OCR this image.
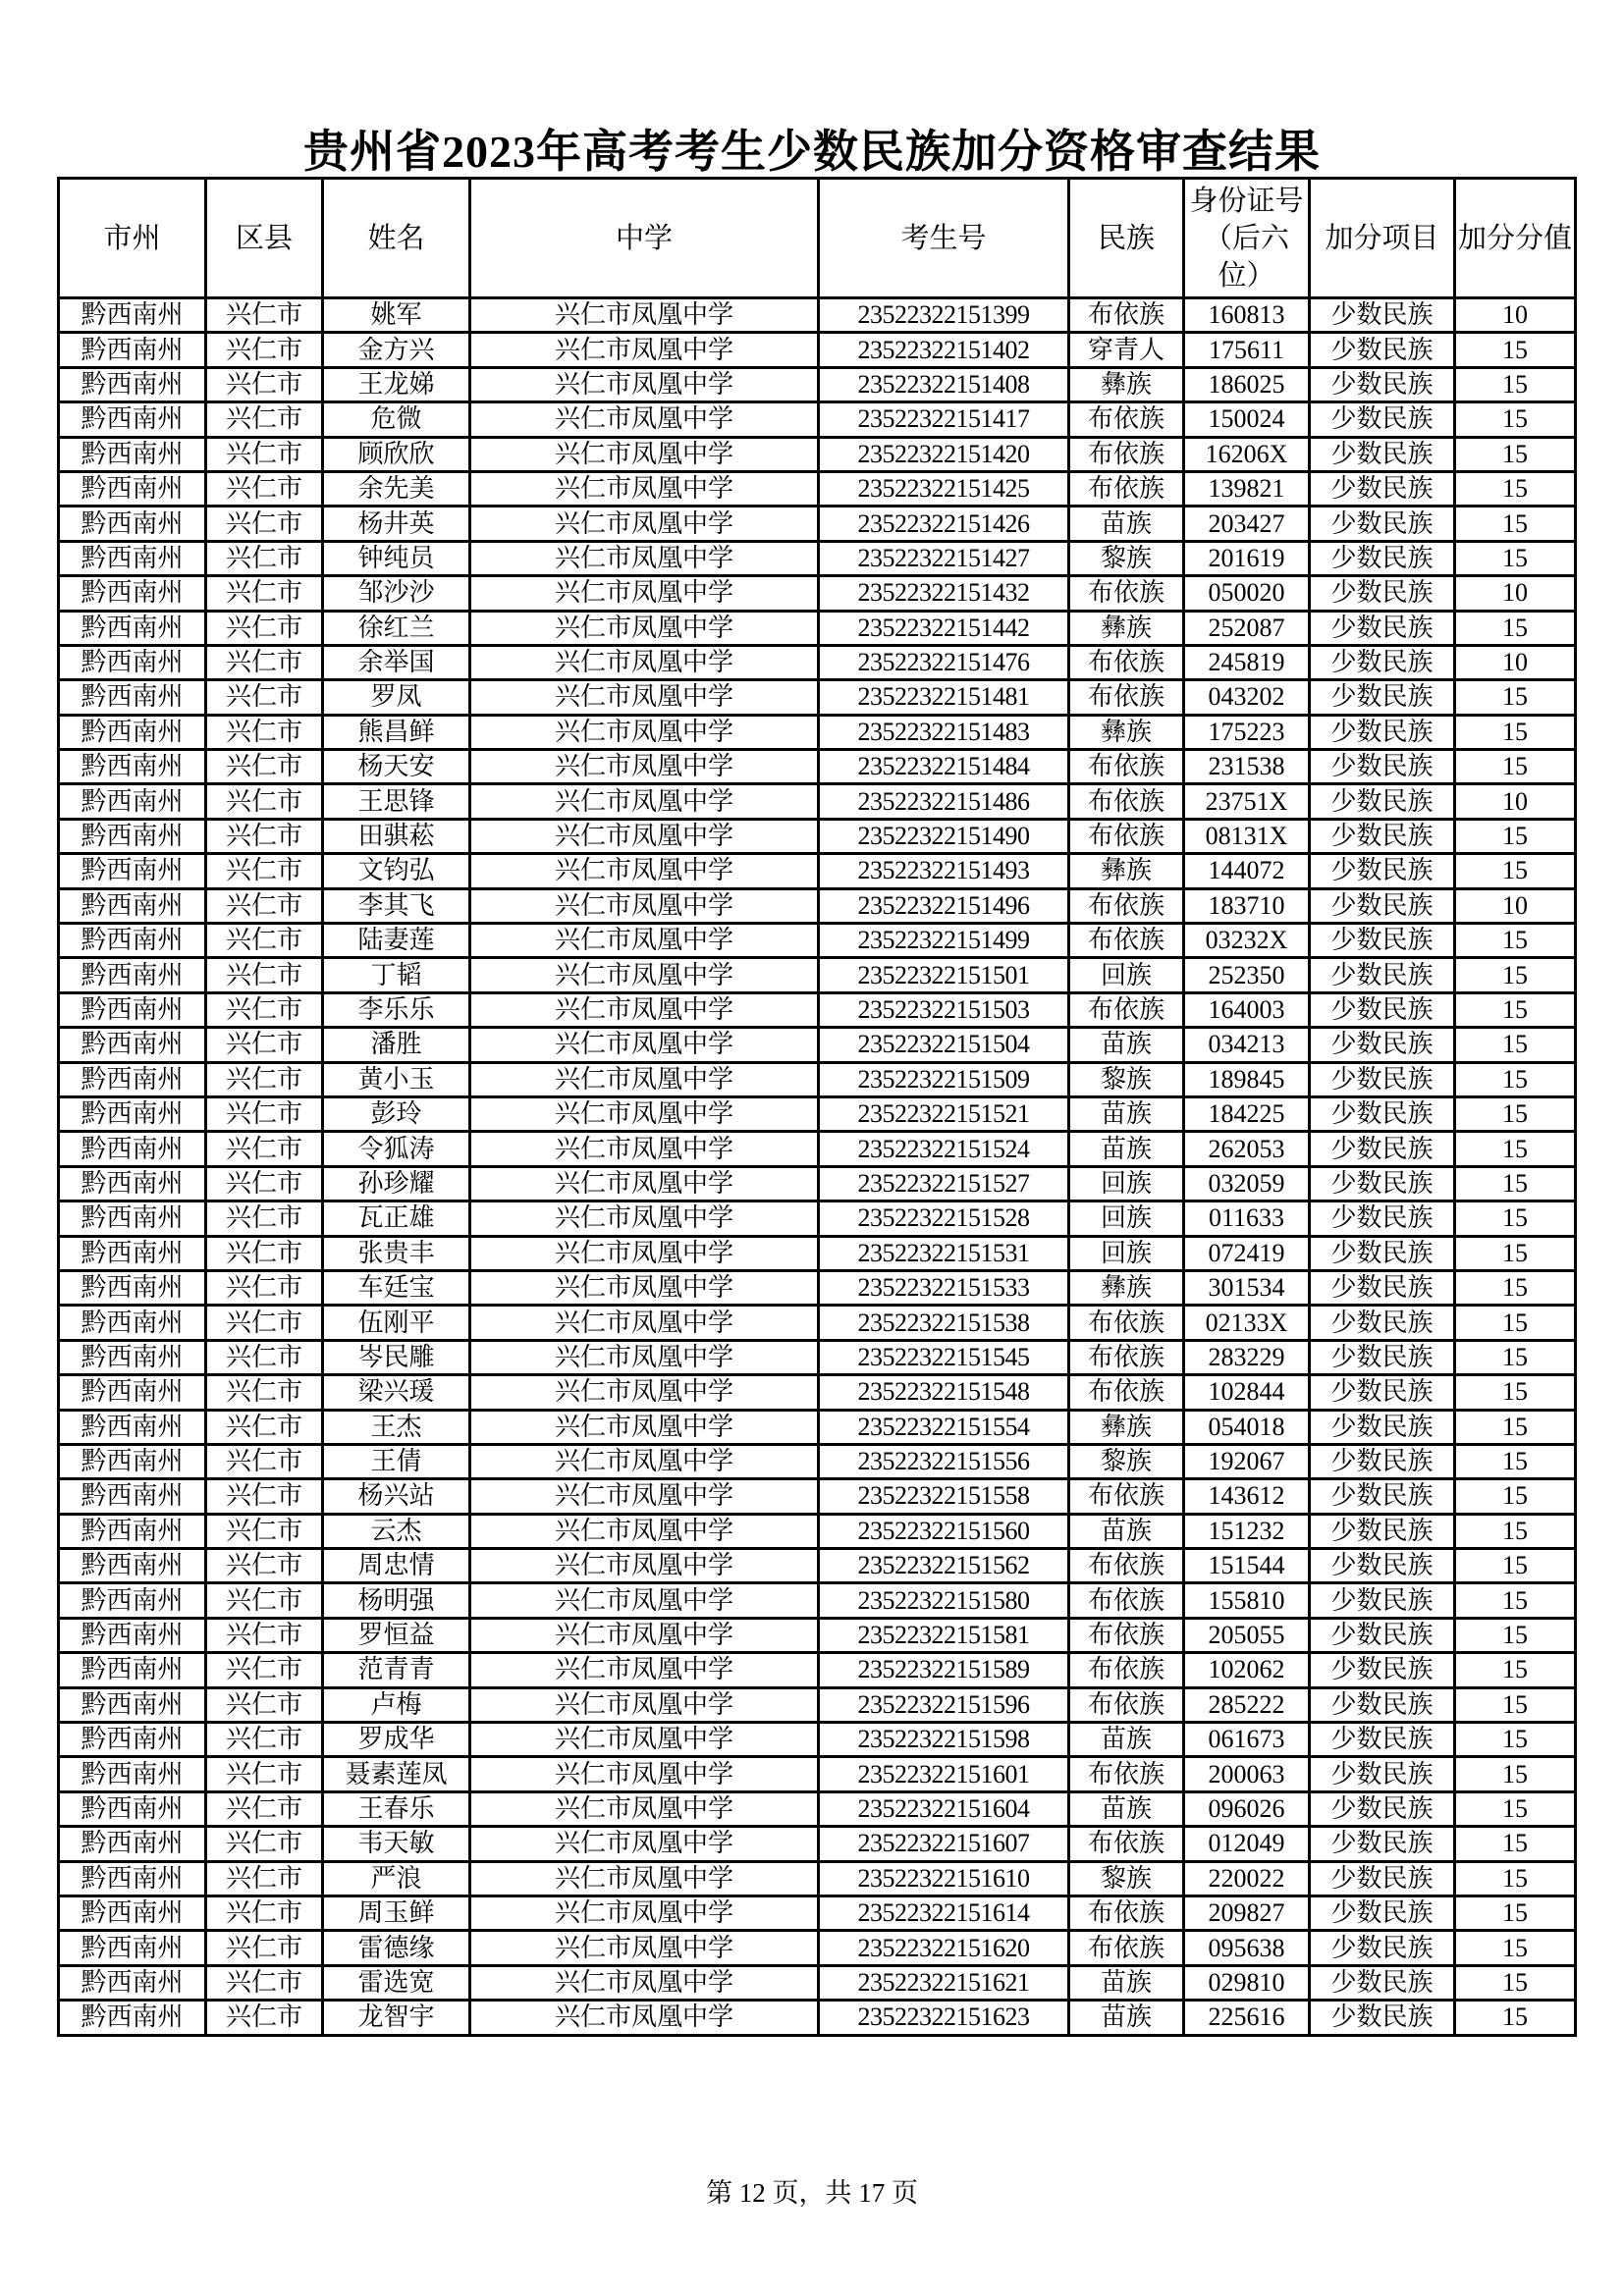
贵州省2023年高考考生少数民族加分资格审查结果
市州	区县	姓名	中学	考生号	民族	身份证号（后六位）	加分项目	加分分值
黔西南州	兴仁市	姚军	兴仁市凤凰中学	23522322151399	布依族	160813	少数民族	10
黔西南州	兴仁市	金方兴	兴仁市凤凰中学	23522322151402	穿青人	175611	少数民族	15
黔西南州	兴仁市	王龙娣	兴仁市凤凰中学	23522322151408	彝族	186025	少数民族	15
黔西南州	兴仁市	危微	兴仁市凤凰中学	23522322151417	布依族	150024	少数民族	15
黔西南州	兴仁市	顾欣欣	兴仁市凤凰中学	23522322151420	布依族	16206X	少数民族	15
黔西南州	兴仁市	余先美	兴仁市凤凰中学	23522322151425	布依族	139821	少数民族	15
黔西南州	兴仁市	杨井英	兴仁市凤凰中学	23522322151426	苗族	203427	少数民族	15
黔西南州	兴仁市	钟纯员	兴仁市凤凰中学	23522322151427	黎族	201619	少数民族	15
黔西南州	兴仁市	邹沙沙	兴仁市凤凰中学	23522322151432	布依族	050020	少数民族	10
黔西南州	兴仁市	徐红兰	兴仁市凤凰中学	23522322151442	彝族	252087	少数民族	15
黔西南州	兴仁市	余举国	兴仁市凤凰中学	23522322151476	布依族	245819	少数民族	10
黔西南州	兴仁市	罗凤	兴仁市凤凰中学	23522322151481	布依族	043202	少数民族	15
黔西南州	兴仁市	熊昌鲜	兴仁市凤凰中学	23522322151483	彝族	175223	少数民族	15
黔西南州	兴仁市	杨天安	兴仁市凤凰中学	23522322151484	布依族	231538	少数民族	15
黔西南州	兴仁市	王思锋	兴仁市凤凰中学	23522322151486	布依族	23751X	少数民族	10
黔西南州	兴仁市	田骐菘	兴仁市凤凰中学	23522322151490	布依族	08131X	少数民族	15
黔西南州	兴仁市	文钧弘	兴仁市凤凰中学	23522322151493	彝族	144072	少数民族	15
黔西南州	兴仁市	李其飞	兴仁市凤凰中学	23522322151496	布依族	183710	少数民族	10
黔西南州	兴仁市	陆妻莲	兴仁市凤凰中学	23522322151499	布依族	03232X	少数民族	15
黔西南州	兴仁市	丁韬	兴仁市凤凰中学	23522322151501	回族	252350	少数民族	15
黔西南州	兴仁市	李乐乐	兴仁市凤凰中学	23522322151503	布依族	164003	少数民族	15
黔西南州	兴仁市	潘胜	兴仁市凤凰中学	23522322151504	苗族	034213	少数民族	15
黔西南州	兴仁市	黄小玉	兴仁市凤凰中学	23522322151509	黎族	189845	少数民族	15
黔西南州	兴仁市	彭玲	兴仁市凤凰中学	23522322151521	苗族	184225	少数民族	15
黔西南州	兴仁市	令狐涛	兴仁市凤凰中学	23522322151524	苗族	262053	少数民族	15
黔西南州	兴仁市	孙珍耀	兴仁市凤凰中学	23522322151527	回族	032059	少数民族	15
黔西南州	兴仁市	瓦正雄	兴仁市凤凰中学	23522322151528	回族	011633	少数民族	15
黔西南州	兴仁市	张贵丰	兴仁市凤凰中学	23522322151531	回族	072419	少数民族	15
黔西南州	兴仁市	车廷宝	兴仁市凤凰中学	23522322151533	彝族	301534	少数民族	15
黔西南州	兴仁市	伍刚平	兴仁市凤凰中学	23522322151538	布依族	02133X	少数民族	15
黔西南州	兴仁市	岑民雕	兴仁市凤凰中学	23522322151545	布依族	283229	少数民族	15
黔西南州	兴仁市	梁兴瑗	兴仁市凤凰中学	23522322151548	布依族	102844	少数民族	15
黔西南州	兴仁市	王杰	兴仁市凤凰中学	23522322151554	彝族	054018	少数民族	15
黔西南州	兴仁市	王倩	兴仁市凤凰中学	23522322151556	黎族	192067	少数民族	15
黔西南州	兴仁市	杨兴站	兴仁市凤凰中学	23522322151558	布依族	143612	少数民族	15
黔西南州	兴仁市	云杰	兴仁市凤凰中学	23522322151560	苗族	151232	少数民族	15
黔西南州	兴仁市	周忠情	兴仁市凤凰中学	23522322151562	布依族	151544	少数民族	15
黔西南州	兴仁市	杨明强	兴仁市凤凰中学	23522322151580	布依族	155810	少数民族	15
黔西南州	兴仁市	罗恒益	兴仁市凤凰中学	23522322151581	布依族	205055	少数民族	15
黔西南州	兴仁市	范青青	兴仁市凤凰中学	23522322151589	布依族	102062	少数民族	15
黔西南州	兴仁市	卢梅	兴仁市凤凰中学	23522322151596	布依族	285222	少数民族	15
黔西南州	兴仁市	罗成华	兴仁市凤凰中学	23522322151598	苗族	061673	少数民族	15
黔西南州	兴仁市	聂素莲凤	兴仁市凤凰中学	23522322151601	布依族	200063	少数民族	15
黔西南州	兴仁市	王春乐	兴仁市凤凰中学	23522322151604	苗族	096026	少数民族	15
黔西南州	兴仁市	韦天敏	兴仁市凤凰中学	23522322151607	布依族	012049	少数民族	15
黔西南州	兴仁市	严浪	兴仁市凤凰中学	23522322151610	黎族	220022	少数民族	15
黔西南州	兴仁市	周玉鲜	兴仁市凤凰中学	23522322151614	布依族	209827	少数民族	15
黔西南州	兴仁市	雷德缘	兴仁市凤凰中学	23522322151620	布依族	095638	少数民族	15
黔西南州	兴仁市	雷选宽	兴仁市凤凰中学	23522322151621	苗族	029810	少数民族	15
黔西南州	兴仁市	龙智宇	兴仁市凤凰中学	23522322151623	苗族	225616	少数民族	15
第 12 页，共 17 页
